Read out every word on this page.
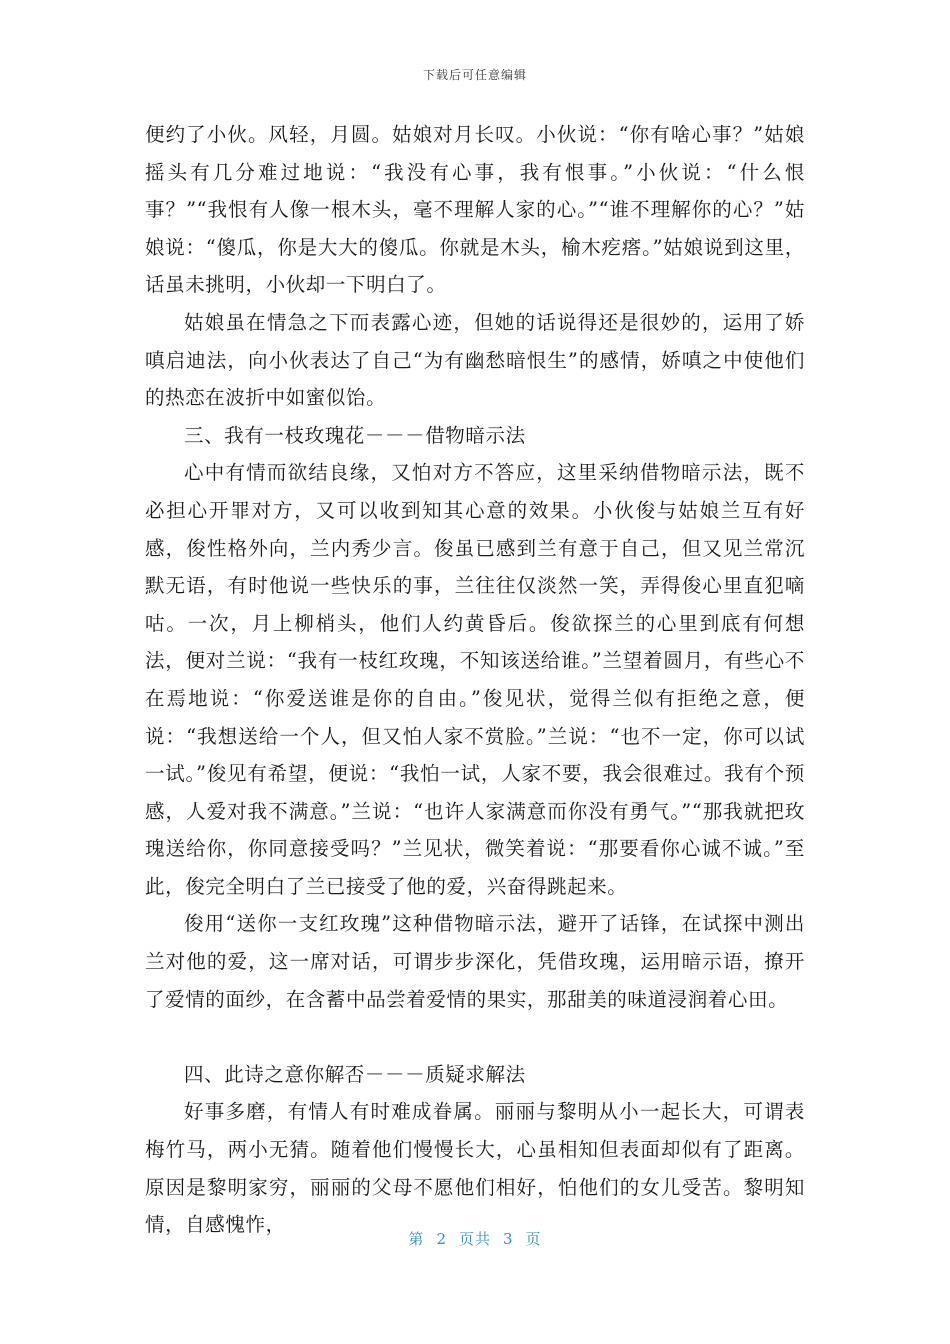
下载后可任意编辑

便约了小伙。风轻，月圆。姑娘对月长叹。小伙说：“你有啥心事？”姑娘摇头有几分难过地说：“我没有心事，我有恨事。”小伙说：“什么恨事？”“我恨有人像一根木头，毫不理解人家的心。”“谁不理解你的心？”姑娘说：“傻瓜，你是大大的傻瓜。你就是木头，榆木疙瘩。”姑娘说到这里，话虽未挑明，小伙却一下明白了。

姑娘虽在情急之下而表露心迹，但她的话说得还是很妙的，运用了娇嗔启迪法，向小伙表达了自己“为有幽愁暗恨生”的感情，娇嗔之中使他们的热恋在波折中如蜜似饴。

三、我有一枝玫瑰花－－－借物暗示法

心中有情而欲结良缘，又怕对方不答应，这里采纳借物暗示法，既不必担心开罪对方，又可以收到知其心意的效果。小伙俊与姑娘兰互有好感，俊性格外向，兰内秀少言。俊虽已感到兰有意于自己，但又见兰常沉默无语，有时他说一些快乐的事，兰往往仅淡然一笑，弄得俊心里直犯嘀咕。一次，月上柳梢头，他们人约黄昏后。俊欲探兰的心里到底有何想法，便对兰说：“我有一枝红玫瑰，不知该送给谁。”兰望着圆月，有些心不在焉地说：“你爱送谁是你的自由。”俊见状，觉得兰似有拒绝之意，便说：“我想送给一个人，但又怕人家不赏脸。”兰说：“也不一定，你可以试一试。”俊见有希望，便说：“我怕一试，人家不要，我会很难过。我有个预感，人爱对我不满意。”兰说：“也许人家满意而你没有勇气。”“那我就把玫瑰送给你，你同意接受吗？”兰见状，微笑着说：“那要看你心诚不诚。”至此，俊完全明白了兰已接受了他的爱，兴奋得跳起来。

俊用“送你一支红玫瑰”这种借物暗示法，避开了话锋，在试探中测出兰对他的爱，这一席对话，可谓步步深化，凭借玫瑰，运用暗示语，撩开了爱情的面纱，在含蓄中品尝着爱情的果实，那甜美的味道浸润着心田。

四、此诗之意你解否－－－质疑求解法

好事多磨，有情人有时难成眷属。丽丽与黎明从小一起长大，可谓表梅竹马，两小无猜。随着他们慢慢长大，心虽相知但表面却似有了距离。原因是黎明家穷，丽丽的父母不愿他们相好，怕他们的女儿受苦。黎明知情，自感愧怍，

第 2 页共 3 页
